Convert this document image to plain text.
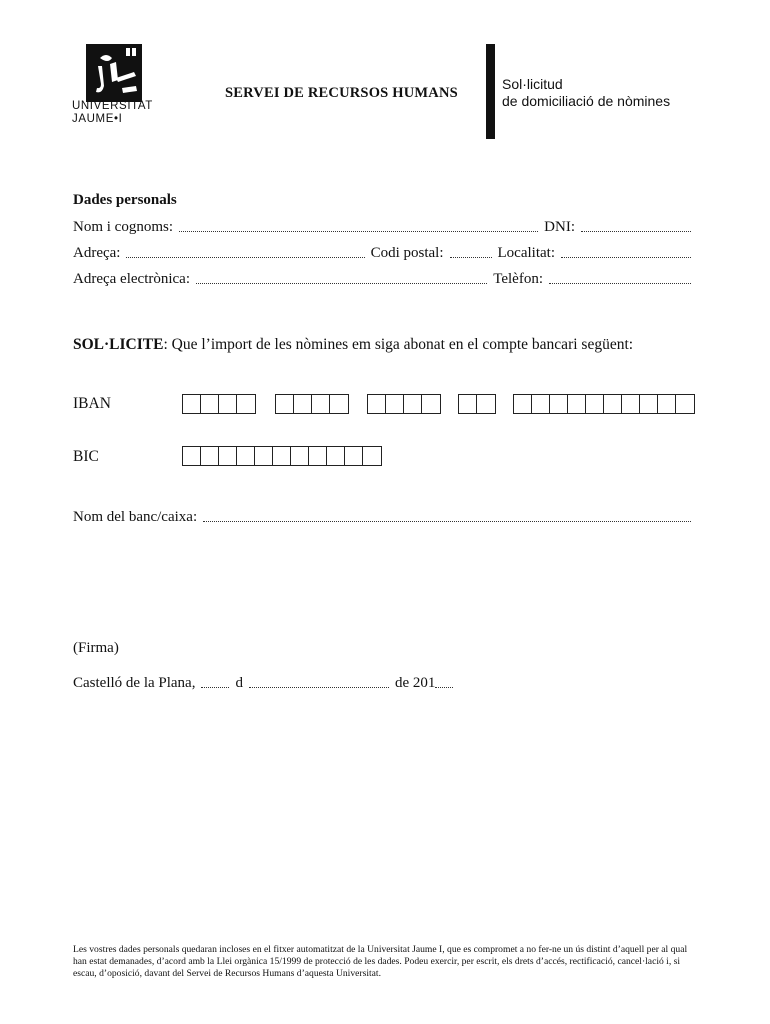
UNIVERSITAT
JAUME•I
SERVEI DE RECURSOS HUMANS
Sol·licitud
de domiciliació de nòmines
Dades personals
Nom i cognoms:	DNI:
Adreça:	Codi postal:	Localitat:
Adreça electrònica:	Telèfon:
SOL·LICITE: Que l’import de les nòmines em siga abonat en el compte bancari següent:
IBAN
BIC
Nom del banc/caixa:
(Firma)
Castelló de la Plana,	d	de 201
Les vostres dades personals quedaran incloses en el fitxer automatitzat de la Universitat Jaume I, que es compromet a no fer-ne un ús distint d’aquell per al qual han estat demanades, d’acord amb la Llei orgànica 15/1999 de protecció de les dades. Podeu exercir, per escrit, els drets d’accés, rectificació, cancel·lació i, si escau, d’oposició, davant del Servei de Recursos Humans d’aquesta Universitat.
